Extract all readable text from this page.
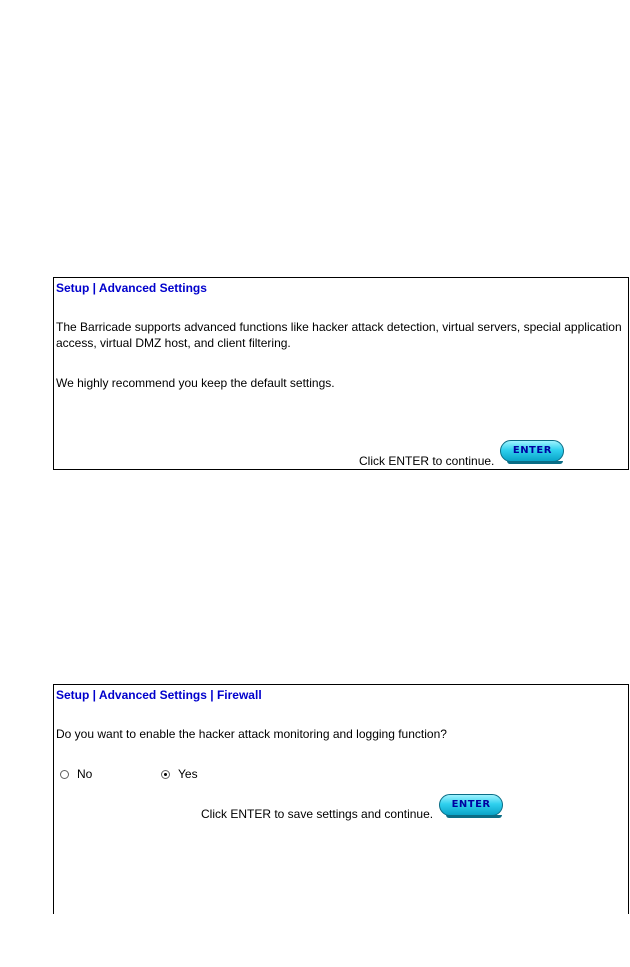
Setup | Advanced Settings
The Barricade supports advanced functions like hacker attack detection, virtual servers, special application access, virtual DMZ host, and client filtering.
We highly recommend you keep the default settings.
Click ENTER to continue.
ENTER
Setup | Advanced Settings | Firewall
Do you want to enable the hacker attack monitoring and logging function?
No	Yes
Click ENTER to save settings and continue.
ENTER
